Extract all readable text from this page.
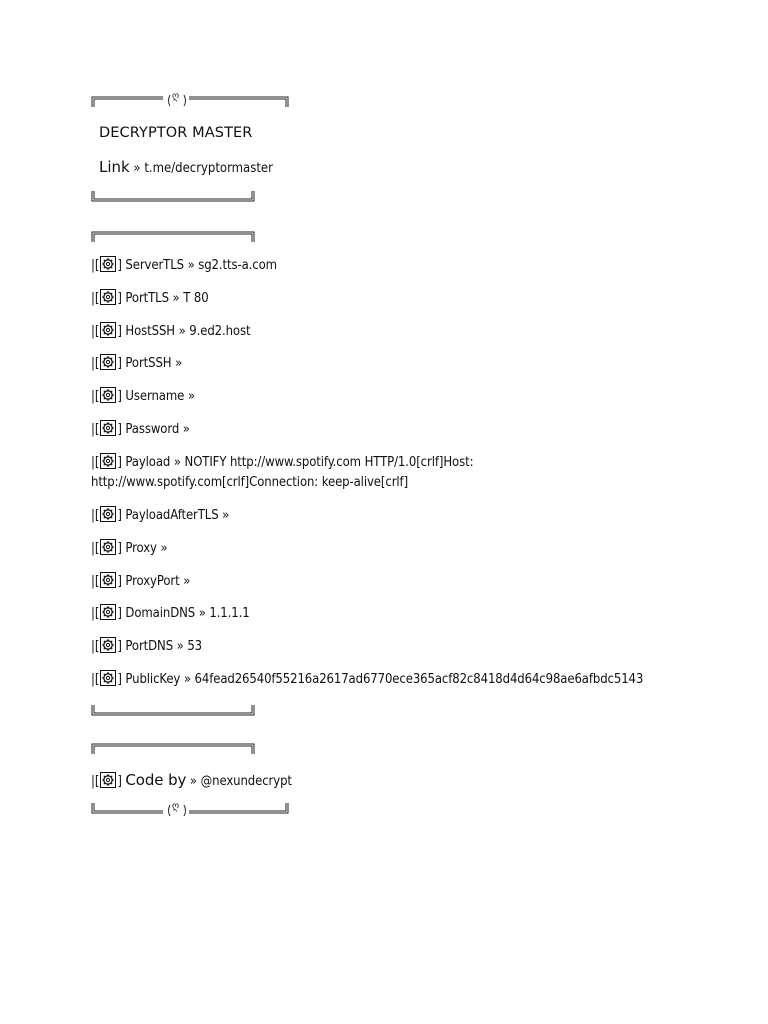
ღ
DECRYPTOR MASTER
Link » t.me/decryptormaster
|[ ] ServerTLS » sg2.tts-a.com
|[ ] PortTLS » T 80
|[ ] HostSSH » 9.ed2.host
|[ ] PortSSH »
|[ ] Username »
|[ ] Password »
|[ ] Payload » NOTIFY http://www.spotify.com HTTP/1.0[crlf]Host: http://www.spotify.com[crlf]Connection: keep-alive[crlf]
|[ ] PayloadAfterTLS »
|[ ] Proxy »
|[ ] ProxyPort »
|[ ] DomainDNS » 1.1.1.1
|[ ] PortDNS » 53
|[ ] PublicKey » 64fead26540f55216a2617ad6770ece365acf82c8418d4d64c98ae6afbdc5143
|[ ] Code by » @nexundecrypt
ღ
